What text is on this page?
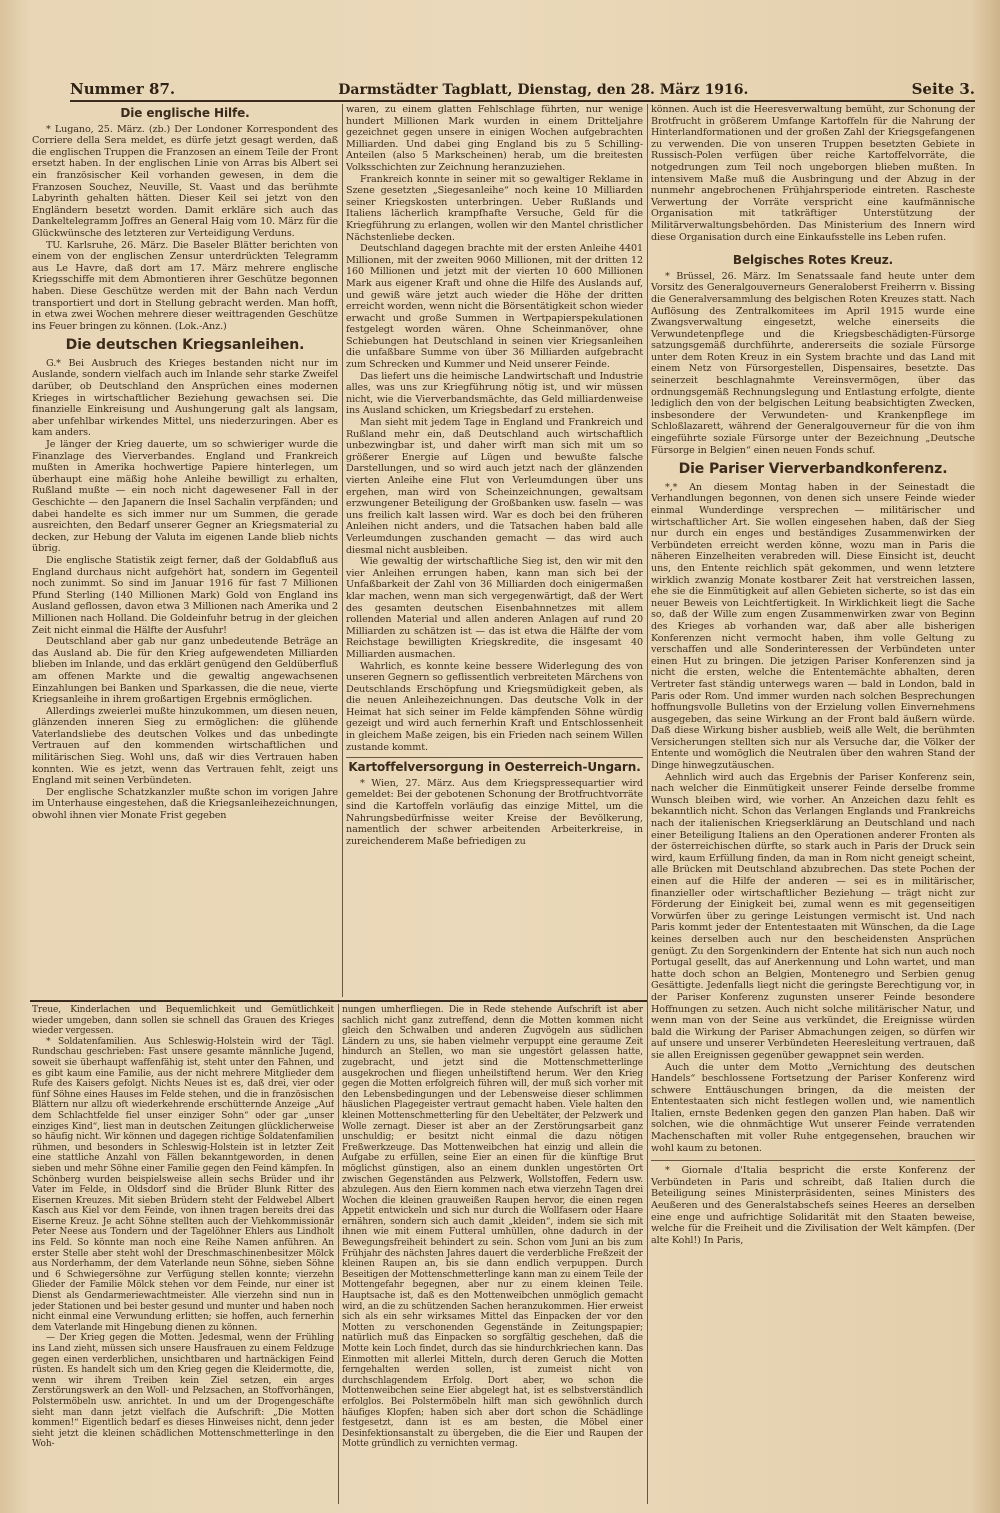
Nummer 87.	Darmstädter Tagblatt, Dienstag, den 28. März 1916.	Seite 3.
Die englische Hilfe.

* Lugano, 25. März. (zb.) Der Londoner Korrespondent des Corriere della Sera meldet, es dürfe jetzt gesagt werden, daß die englischen Truppen die Franzosen an einem Teile der Front ersetzt haben. In der englischen Linie von Arras bis Albert sei ein französischer Keil vorhanden gewesen, in dem die Franzosen Souchez, Neuville, St. Vaast und das berühmte Labyrinth gehalten hätten. Dieser Keil sei jetzt von den Engländern besetzt worden. Damit erkläre sich auch das Dankeltelegramm Joffres an General Haig vom 10. März für die Glückwünsche des letzteren zur Verteidigung Verduns.

TU. Karlsruhe, 26. März. Die Baseler Blätter berichten von einem von der englischen Zensur unterdrückten Telegramm aus Le Havre, daß dort am 17. März mehrere englische Kriegsschiffe mit dem Abmontieren ihrer Geschütze begonnen haben. Diese Geschütze werden mit der Bahn nach Verdun transportiert und dort in Stellung gebracht werden. Man hofft, in etwa zwei Wochen mehrere dieser weittragenden Geschütze ins Feuer bringen zu können. (Lok.-Anz.)

Die deutschen Kriegsanleihen.

G.* Bei Ausbruch des Krieges bestanden nicht nur im Auslande, sondern vielfach auch im Inlande sehr starke Zweifel darüber, ob Deutschland den Ansprüchen eines modernen Krieges in wirtschaftlicher Beziehung gewachsen sei. Die finanzielle Einkreisung und Aushungerung galt als langsam, aber unfehlbar wirkendes Mittel, uns niederzuringen. Aber es kam anders.

Je länger der Krieg dauerte, um so schwieriger wurde die Finanzlage des Vierverbandes. England und Frankreich mußten in Amerika hochwertige Papiere hinterlegen, um überhaupt eine mäßig hohe Anleihe bewilligt zu erhalten, Rußland mußte — ein noch nicht dagewesener Fall in der Geschichte — den Japanern die Insel Sachalin verpfänden; und dabei handelte es sich immer nur um Summen, die gerade ausreichten, den Bedarf unserer Gegner an Kriegsmaterial zu decken, zur Hebung der Valuta im eigenen Lande blieb nichts übrig.

Die englische Statistik zeigt ferner, daß der Goldabfluß aus England durchaus nicht aufgehört hat, sondern im Gegenteil noch zunimmt. So sind im Januar 1916 für fast 7 Millionen Pfund Sterling (140 Millionen Mark) Gold von England ins Ausland geflossen, davon etwa 3 Millionen nach Amerika und 2 Millionen nach Holland. Die Goldeinfuhr betrug in der gleichen Zeit nicht einmal die Hälfte der Ausfuhr!

Deutschland aber gab nur ganz unbedeutende Beträge an das Ausland ab. Die für den Krieg aufgewendeten Milliarden blieben im Inlande, und das erklärt genügend den Geldüberfluß am offenen Markte und die gewaltig angewachsenen Einzahlungen bei Banken und Sparkassen, die die neue, vierte Kriegsanleihe in ihrem großartigen Ergebnis ermöglichen.

Allerdings zweierlei mußte hinzukommen, um diesen neuen, glänzenden inneren Sieg zu ermöglichen: die glühende Vaterlandsliebe des deutschen Volkes und das unbedingte Vertrauen auf den kommenden wirtschaftlichen und militärischen Sieg. Wohl uns, daß wir dies Vertrauen haben konnten. Wie es jetzt, wenn das Vertrauen fehlt, zeigt uns England mit seinen Verbündeten.

Der englische Schatzkanzler mußte schon im vorigen Jahre im Unterhause eingestehen, daß die Kriegsanleihezeichnungen, obwohl ihnen vier Monate Frist gegeben

waren, zu einem glatten Fehlschlage führten, nur wenige hundert Millionen Mark wurden in einem Dritteljahre gezeichnet gegen unsere in einigen Wochen aufgebrachten Milliarden. Und dabei ging England bis zu 5 Schilling-Anteilen (also 5 Markscheinen) herab, um die breitesten Volksschichten zur Zeichnung heranzuziehen.

Frankreich konnte in seiner mit so gewaltiger Reklame in Szene gesetzten „Siegesanleihe“ noch keine 10 Milliarden seiner Kriegskosten unterbringen. Ueber Rußlands und Italiens lächerlich krampfhafte Versuche, Geld für die Kriegführung zu erlangen, wollen wir den Mantel christlicher Nächstenliebe decken.

Deutschland dagegen brachte mit der ersten Anleihe 4401 Millionen, mit der zweiten 9060 Millionen, mit der dritten 12 160 Millionen und jetzt mit der vierten 10 600 Millionen Mark aus eigener Kraft und ohne die Hilfe des Auslands auf, und gewiß wäre jetzt auch wieder die Höhe der dritten erreicht worden, wenn nicht die Börsentätigkeit schon wieder erwacht und große Summen in Wertpapierspekulationen festgelegt worden wären. Ohne Scheinmanöver, ohne Schiebungen hat Deutschland in seinen vier Kriegsanleihen die unfaßbare Summe von über 36 Milliarden aufgebracht zum Schrecken und Kummer und Neid unserer Feinde.

Das liefert uns die heimische Landwirtschaft und Industrie alles, was uns zur Kriegführung nötig ist, und wir müssen nicht, wie die Vierverbandsmächte, das Geld milliardenweise ins Ausland schicken, um Kriegsbedarf zu erstehen.

Man sieht mit jedem Tage in England und Frankreich und Rußland mehr ein, daß Deutschland auch wirtschaftlich unbezwingbar ist, und daher wirft man sich mit um so größerer Energie auf Lügen und bewußte falsche Darstellungen, und so wird auch jetzt nach der glänzenden vierten Anleihe eine Flut von Verleumdungen über uns ergehen, man wird von Scheinzeichnungen, gewaltsam erzwungener Beteiligung der Großbanken usw. faseln — was uns freilich kalt lassen wird. War es doch bei den früheren Anleihen nicht anders, und die Tatsachen haben bald alle Verleumdungen zuschanden gemacht — das wird auch diesmal nicht ausbleiben.

Wie gewaltig der wirtschaftliche Sieg ist, den wir mit den vier Anleihen errungen haben, kann man sich bei der Unfaßbarkeit der Zahl von 36 Milliarden doch einigermaßen klar machen, wenn man sich vergegenwärtigt, daß der Wert des gesamten deutschen Eisenbahnnetzes mit allem rollenden Material und allen anderen Anlagen auf rund 20 Milliarden zu schätzen ist — das ist etwa die Hälfte der vom Reichstage bewilligten Kriegskredite, die insgesamt 40 Milliarden ausmachen.

Wahrlich, es konnte keine bessere Widerlegung des von unseren Gegnern so geflissentlich verbreiteten Märchens von Deutschlands Erschöpfung und Kriegsmüdigkeit geben, als die neuen Anleihezeichnungen. Das deutsche Volk in der Heimat hat sich seiner im Felde kämpfenden Söhne würdig gezeigt und wird auch fernerhin Kraft und Entschlossenheit in gleichem Maße zeigen, bis ein Frieden nach seinem Willen zustande kommt.

Kartoffelversorgung in Oesterreich-Ungarn.

* Wien, 27. März. Aus dem Kriegspressequartier wird gemeldet: Bei der gebotenen Schonung der Brotfruchtvorräte sind die Kartoffeln vorläufig das einzige Mittel, um die Nahrungsbedürfnisse weiter Kreise der Bevölkerung, namentlich der schwer arbeitenden Arbeiterkreise, in zureichenderem Maße befriedigen zu

können. Auch ist die Heeresverwaltung bemüht, zur Schonung der Brotfrucht in größerem Umfange Kartoffeln für die Nahrung der Hinterlandformationen und der großen Zahl der Kriegsgefangenen zu verwenden. Die von unseren Truppen besetzten Gebiete in Russisch-Polen verfügen über reiche Kartoffelvorräte, die notgedrungen zum Teil noch ungeborgen blieben mußten. In intensivem Maße muß die Ausbringung und der Abzug in der nunmehr angebrochenen Frühjahrsperiode eintreten. Rascheste Verwertung der Vorräte verspricht eine kaufmännische Organisation mit tatkräftiger Unterstützung der Militärverwaltungsbehörden. Das Ministerium des Innern wird diese Organisation durch eine Einkaufsstelle ins Leben rufen.

Belgisches Rotes Kreuz.

* Brüssel, 26. März. Im Senatssaale fand heute unter dem Vorsitz des Generalgouverneurs Generaloberst Freiherrn v. Bissing die Generalversammlung des belgischen Roten Kreuzes statt. Nach Auflösung des Zentralkomitees im April 1915 wurde eine Zwangsverwaltung eingesetzt, welche einerseits die Verwundetenpflege und die Kriegsbeschädigten-Fürsorge satzungsgemäß durchführte, andererseits die soziale Fürsorge unter dem Roten Kreuz in ein System brachte und das Land mit einem Netz von Fürsorgestellen, Dispensaires, besetzte. Das seinerzeit beschlagnahmte Vereinsvermögen, über das ordnungsgemäß Rechnungslegung und Entlastung erfolgte, diente lediglich den von der belgischen Leitung beabsichtigten Zwecken, insbesondere der Verwundeten- und Krankenpflege im Schloßlazarett, während der Generalgouverneur für die von ihm eingeführte soziale Fürsorge unter der Bezeichnung „Deutsche Fürsorge in Belgien“ einen neuen Fonds schuf.

Die Pariser Vierverbandkonferenz.

*,* An diesem Montag haben in der Seinestadt die Verhandlungen begonnen, von denen sich unsere Feinde wieder einmal Wunderdinge versprechen — militärischer und wirtschaftlicher Art. Sie wollen eingesehen haben, daß der Sieg nur durch ein enges und beständiges Zusammenwirken der Verbündeten erreicht werden könne, wozu man in Paris die näheren Einzelheiten verabreden will. Diese Einsicht ist, deucht uns, den Entente reichlich spät gekommen, und wenn letztere wirklich zwanzig Monate kostbarer Zeit hat verstreichen lassen, ehe sie die Einmütigkeit auf allen Gebieten sicherte, so ist das ein neuer Beweis von Leichtfertigkeit. In Wirklichkeit liegt die Sache so, daß der Wille zum engen Zusammenwirken zwar von Beginn des Krieges ab vorhanden war, daß aber alle bisherigen Konferenzen nicht vermocht haben, ihm volle Geltung zu verschaffen und alle Sonderinteressen der Verbündeten unter einen Hut zu bringen. Die jetzigen Pariser Konferenzen sind ja nicht die ersten, welche die Ententemächte abhalten, deren Vertreter fast ständig unterwegs waren — bald in London, bald in Paris oder Rom. Und immer wurden nach solchen Besprechungen hoffnungsvolle Bulletins von der Erzielung vollen Einvernehmens ausgegeben, das seine Wirkung an der Front bald äußern würde. Daß diese Wirkung bisher ausblieb, weiß alle Welt, die berühmten Versicherungen stellten sich nur als Versuche dar, die Völker der Entente und womöglich die Neutralen über den wahren Stand der Dinge hinwegzutäuschen.

Aehnlich wird auch das Ergebnis der Pariser Konferenz sein, nach welcher die Einmütigkeit unserer Feinde derselbe fromme Wunsch bleiben wird, wie vorher. An Anzeichen dazu fehlt es bekanntlich nicht. Schon das Verlangen Englands und Frankreichs nach der italienischen Kriegserklärung an Deutschland und nach einer Beteiligung Italiens an den Operationen anderer Fronten als der österreichischen dürfte, so stark auch in Paris der Druck sein wird, kaum Erfüllung finden, da man in Rom nicht geneigt scheint, alle Brücken mit Deutschland abzubrechen. Das stete Pochen der einen auf die Hilfe der anderen — sei es in militärischer, finanzieller oder wirtschaftlicher Beziehung — trägt nicht zur Förderung der Einigkeit bei, zumal wenn es mit gegenseitigen Vorwürfen über zu geringe Leistungen vermischt ist. Und nach Paris kommt jeder der Ententestaaten mit Wünschen, da die Lage keines derselben auch nur den bescheidensten Ansprüchen genügt. Zu den Sorgenkindern der Entente hat sich nun auch noch Portugal gesellt, das auf Anerkennung und Lohn wartet, und man hatte doch schon an Belgien, Montenegro und Serbien genug Gesättigte. Jedenfalls liegt nicht die geringste Berechtigung vor, in der Pariser Konferenz zugunsten unserer Feinde besondere Hoffnungen zu setzen. Auch nicht solche militärischer Natur, und wenn man von der Seine aus verkündet, die Ereignisse würden bald die Wirkung der Pariser Abmachungen zeigen, so dürfen wir auf unsere und unserer Verbündeten Heeresleitung vertrauen, daß sie allen Ereignissen gegenüber gewappnet sein werden.

Auch die unter dem Motto „Vernichtung des deutschen Handels“ beschlossene Fortsetzung der Pariser Konferenz wird schwere Enttäuschungen bringen, da die meisten der Ententestaaten sich nicht festlegen wollen und, wie namentlich Italien, ernste Bedenken gegen den ganzen Plan haben. Daß wir solchen, wie die ohnmächtige Wut unserer Feinde verratenden Machenschaften mit voller Ruhe entgegensehen, brauchen wir wohl kaum zu betonen.

* Giornale d'Italia bespricht die erste Konferenz der Verbündeten in Paris und schreibt, daß Italien durch die Beteiligung seines Ministerpräsidenten, seines Ministers des Aeußeren und des Generalstabschefs seines Heeres an derselben eine enge und aufrichtige Solidarität mit den Staaten beweise, welche für die Freiheit und die Zivilisation der Welt kämpfen. (Der alte Kohl!) In Paris,

Treue, Kinderlachen und Bequemlichkeit und Gemütlichkeit wieder umgeben, dann sollen sie schnell das Grauen des Krieges wieder vergessen.

* Soldatenfamilien. Aus Schleswig-Holstein wird der Tägl. Rundschau geschrieben: Fast unsere gesamte männliche Jugend, soweit sie überhaupt waffenfähig ist, steht unter den Fahnen, und es gibt kaum eine Familie, aus der nicht mehrere Mitglieder dem Rufe des Kaisers gefolgt. Nichts Neues ist es, daß drei, vier oder fünf Söhne eines Hauses im Felde stehen, und die in französischen Blättern nur allzu oft wiederkehrende erschütternde Anzeige „Auf dem Schlachtfelde fiel unser einziger Sohn“ oder gar „unser einziges Kind“, liest man in deutschen Zeitungen glücklicherweise so häufig nicht. Wir können und dagegen richtige Soldatenfamilien rühmen, und besonders in Schleswig-Holstein ist in letzter Zeit eine stattliche Anzahl von Fällen bekanntgeworden, in denen sieben und mehr Söhne einer Familie gegen den Feind kämpfen. In Schönberg wurden beispielsweise allein sechs Brüder und ihr Vater im Felde, in Oldsdorf sind die Brüder Blunk Ritter des Eisernen Kreuzes. Mit sieben Brüdern steht der Feldwebel Albert Kasch aus Kiel vor dem Feinde, von ihnen tragen bereits drei das Eiserne Kreuz. Je acht Söhne stellten auch der Viehkommissionär Peter Neese aus Tondern und der Tagelöhner Ehlers aus Lindholt ins Feld. So könnte man noch eine Reihe Namen anführen. An erster Stelle aber steht wohl der Dreschmaschinenbesitzer Mölck aus Norderhamm, der dem Vaterlande neun Söhne, sieben Söhne und 6 Schwiegersöhne zur Verfügung stellen konnte; vierzehn Glieder der Familie Mölck stehen vor dem Feinde, nur einer ist Dienst als Gendarmeriewachtmeister. Alle vierzehn sind nun in jeder Stationen und bei bester gesund und munter und haben noch nicht einmal eine Verwundung erlitten; sie hoffen, auch fernerhin dem Vaterlande mit Hingebung dienen zu können.

— Der Krieg gegen die Motten. Jedesmal, wenn der Frühling ins Land zieht, müssen sich unsere Hausfrauen zu einem Feldzuge gegen einen verderblichen, unsichtbaren und hartnäckigen Feind rüsten. Es handelt sich um den Krieg gegen die Kleidermotte, die, wenn wir ihrem Treiben kein Ziel setzen, ein arges Zerstörungswerk an den Woll- und Pelzsachen, an Stoffvorhängen, Polstermöbeln usw. anrichtet. In und um der Drogengeschäfte sieht man dann jetzt vielfach die Aufschrift: „Die Motten kommen!“ Eigentlich bedarf es dieses Hinweises nicht, denn jeder sieht jetzt die kleinen schädlichen Mottenschmetterlinge in den Woh-

nungen umherfliegen. Die in Rede stehende Aufschrift ist aber sachlich nicht ganz zutreffend, denn die Motten kommen nicht gleich den Schwalben und anderen Zugvögeln aus südlichen Ländern zu uns, sie haben vielmehr verpuppt eine geraume Zeit hindurch an Stellen, wo man sie ungestört gelassen hatte, zugebracht, und jetzt sind die Mottenschmetterlinge ausgekrochen und fliegen unheilstiftend herum. Wer den Krieg gegen die Motten erfolgreich führen will, der muß sich vorher mit den Lebensbedingungen und der Lebensweise dieser schlimmen häuslichen Plagegeister vertraut gemacht haben. Viele halten den kleinen Mottenschmetterling für den Uebeltäter, der Pelzwerk und Wolle zernagt. Dieser ist aber an der Zerstörungsarbeit ganz unschuldig; er besitzt nicht einmal die dazu nötigen Freßwerkzeuge. Das Mottenweibchen hat einzig und allein die Aufgabe zu erfüllen, seine Eier an einen für die künftige Brut möglichst günstigen, also an einem dunklen ungestörten Ort zwischen Gegenständen aus Pelzwerk, Wollstoffen, Federn usw. abzulegen. Aus den Eiern kommen nach etwa vierzehn Tagen drei Wochen die kleinen grauweißen Raupen hervor, die einen regen Appetit entwickeln und sich nur durch die Wollfasern oder Haare ernähren, sondern sich auch damit „kleiden“, indem sie sich mit ihnen wie mit einem Futteral umhüllen, ohne dadurch in der Bewegungsfreiheit behindert zu sein. Schon vom Juni an bis zum Frühjahr des nächsten Jahres dauert die verderbliche Freßzeit der kleinen Raupen an, bis sie dann endlich verpuppen. Durch Beseitigen der Mottenschmetterlinge kann man zu einem Teile der Mottengefahr begegnen, aber nur zu einem kleinen Teile. Hauptsache ist, daß es den Mottenweibchen unmöglich gemacht wird, an die zu schützenden Sachen heranzukommen. Hier erweist sich als ein sehr wirksames Mittel das Einpacken der vor den Motten zu verschonenden Gegenstände in Zeitungspapier; natürlich muß das Einpacken so sorgfältig geschehen, daß die Motte kein Loch findet, durch das sie hindurchkriechen kann. Das Einmotten mit allerlei Mitteln, durch deren Geruch die Motten ferngehalten werden sollen, ist zumeist nicht von durchschlagendem Erfolg. Dort aber, wo schon die Mottenweibchen seine Eier abgelegt hat, ist es selbstverständlich erfolglos. Bei Polstermöbeln hilft man sich gewöhnlich durch häufiges Klopfen; haben sich aber dort schon die Schädlinge festgesetzt, dann ist es am besten, die Möbel einer Desinfektionsanstalt zu übergeben, die die Eier und Raupen der Motte gründlich zu vernichten vermag.
